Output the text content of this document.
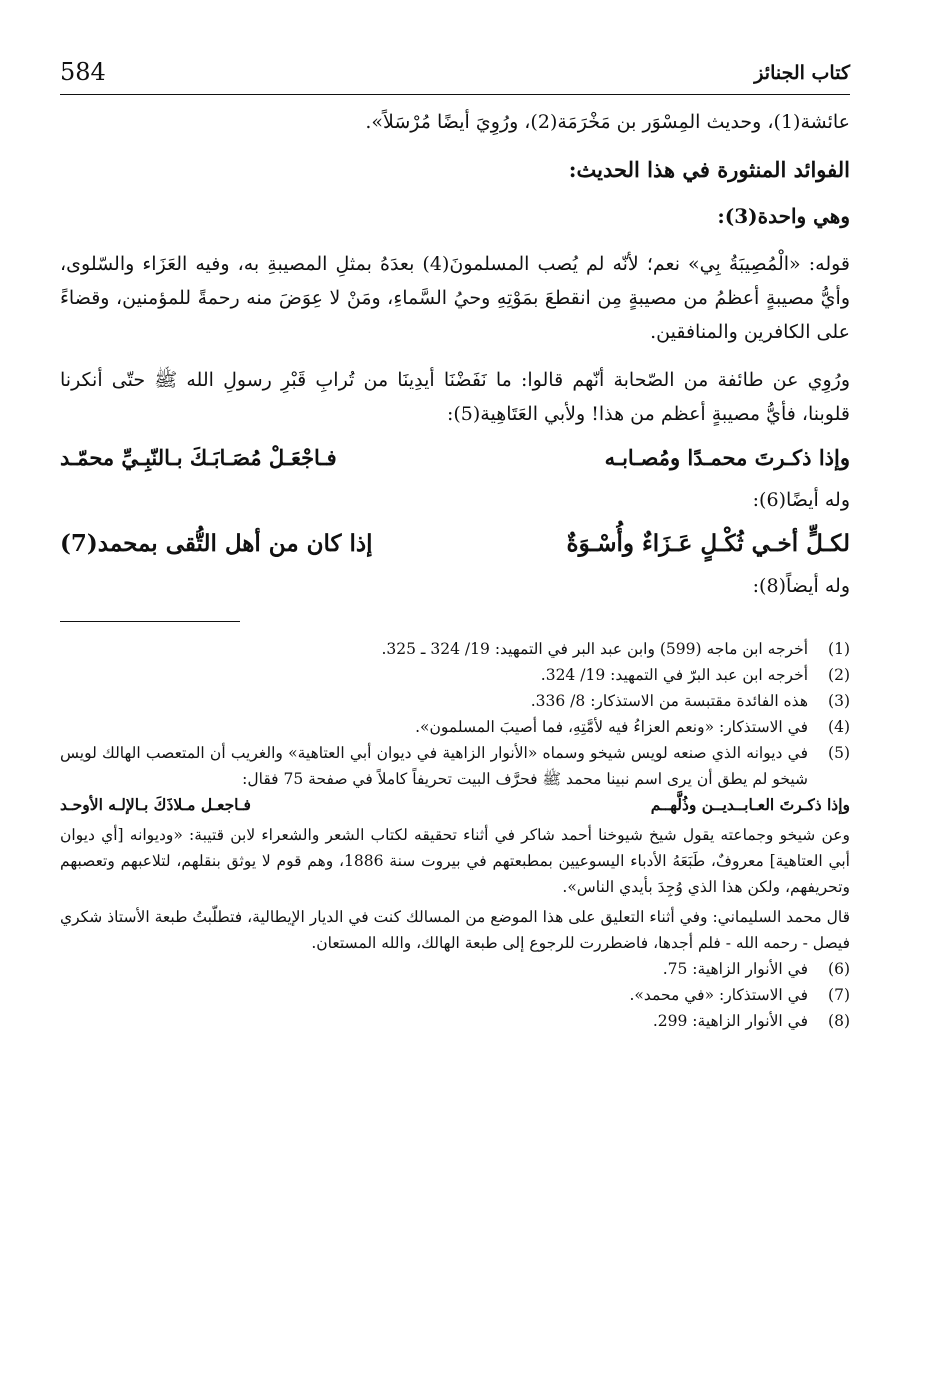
كتاب الجنائز
584

عائشة(1)، وحديث المِسْوَر بن مَخْرَمَة(2)، ورُوِيَ أيضًا مُرْسَلاً».

الفوائد المنثورة في هذا الحديث:

وهي واحدة(3):

قوله: «الْمُصِيبَةُ بِي» نعم؛ لأنّه لم يُصب المسلمونَ(4) بعدَهُ بمثلِ المصيبةِ به، وفيه العَزَاء والسّلوى، وأيُّ مصيبةٍ أعظمُ من مصيبةٍ مِن انقطعَ بمَوْتِهِ وحيُ السَّماءِ، ومَنْ لا عِوَضَ منه رحمةً للمؤمنين، وقضاءً على الكافرين والمنافقين.

ورُوِي عن طائفة من الصّحابة أنّهم قالوا: ما نَفَضْنَا أيدِينَا من تُرابِ قَبْرِ رسولِ الله ﷺ حتّى أنكرنا قلوبنا، فأيُّ مصيبةٍ أعظم من هذا! ولأبي العَتَاهِية(5):

وإذا ذكـرتَ محمـدًا ومُصـابـه
فـاجْعَـلْ مُصَـابَـكَ بـالنّبِـيِّ محمّـد

وله أيضًا(6):

لكـلٍّ أخـي ثُكْـلٍ عَـزَاءٌ وأُسْـوَةٌ
إذا كان من أهل التُّقى بمحمد(7)

وله أيضاً(8):

(1)
أخرجه ابن ماجه (599) وابن عبد البر في التمهيد: 19/ 324 ـ 325.
(2)
أخرجه ابن عبد البرّ في التمهيد: 19/ 324.
(3)
هذه الفائدة مقتبسة من الاستذكار: 8/ 336.
(4)
في الاستذكار: «ونعم العزاءُ فيه لأمَّتِهِ، فما أصيبَ المسلمون».
(5)
في ديوانه الذي صنعه لويس شيخو وسماه «الأنوار الزاهية في ديوان أبي العتاهية» والغريب أن المتعصب الهالك لويس شيخو لم يطق أن يرى اسم نبينا محمد ﷺ فحرَّف البيت تحريفاً كاملاً في صفحة 75 فقال:
وإذا ذكـرتَ العـابــديــن وذُلَّهــم
فـاجعـل مـلاذَكَ بـالإلـه الأوحـد
وعن شيخو وجماعته يقول شيخ شيوخنا أحمد شاكر في أثناء تحقيقه لكتاب الشعر والشعراء لابن قتيبة: «وديوانه [أي ديوان أبي العتاهية] معروفٌ، طَبَعَهُ الأدباء اليسوعيين بمطبعتهم في بيروت سنة 1886، وهم قوم لا يوثق بنقلهم، لتلاعبهم وتعصبهم وتحريفهم، ولكن هذا الذي وُجِدَ بأيدي الناس».
قال محمد السليماني: وفي أثناء التعليق على هذا الموضع من المسالك كنت في الديار الإيطالية، فتطلّبتُ طبعة الأستاذ شكري فيصل - رحمه الله - فلم أجدها، فاضطررت للرجوع إلى طبعة الهالك، والله المستعان.
(6)
في الأنوار الزاهية: 75.
(7)
في الاستذكار: «في محمد».
(8)
في الأنوار الزاهية: 299.
